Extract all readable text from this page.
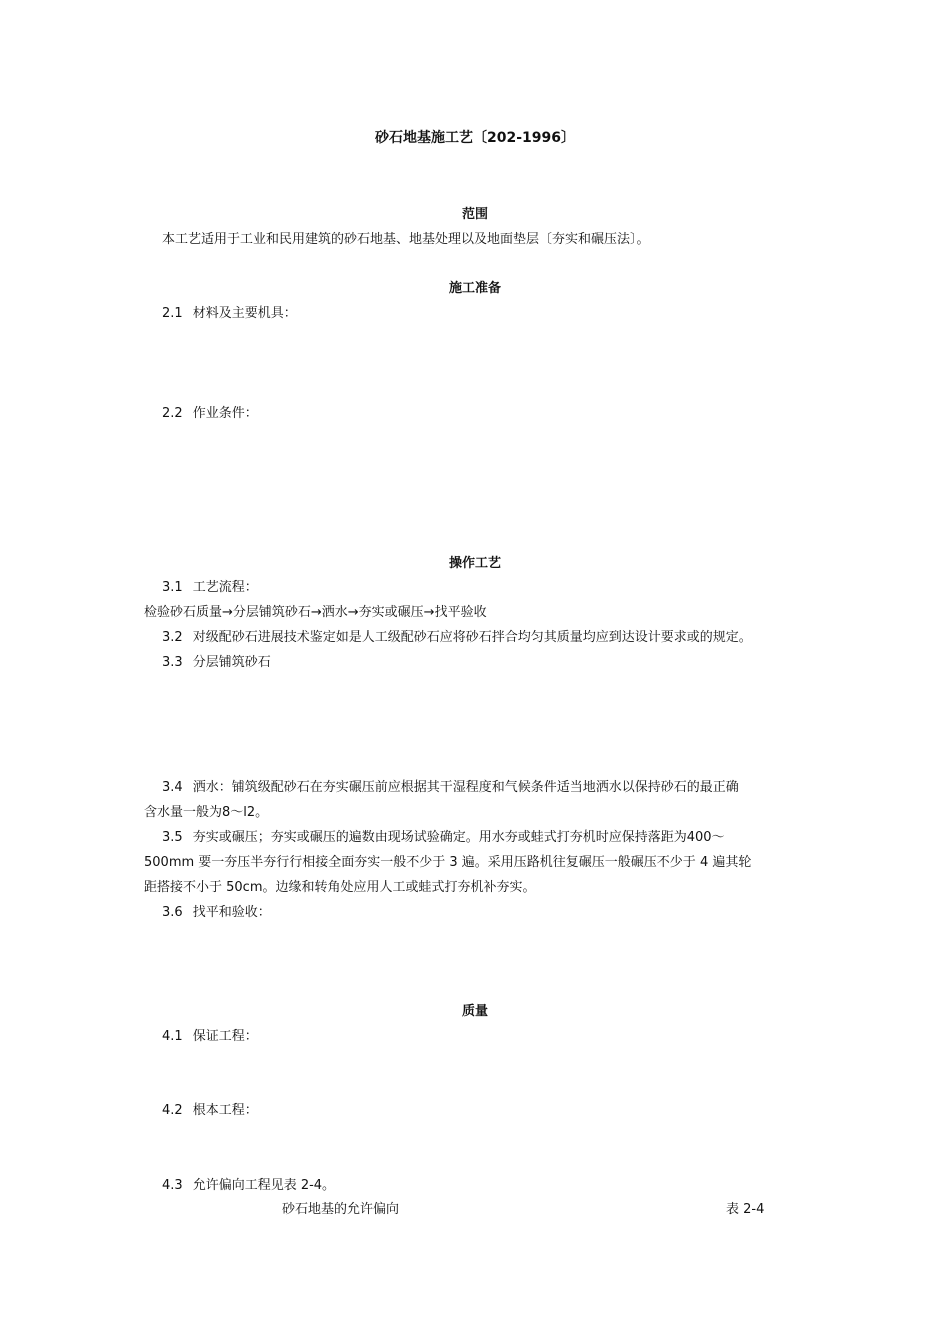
砂石地基施工艺〔202-1996〕
范围
本工艺适用于工业和民用建筑的砂石地基、地基处理以及地面垫层〔夯实和碾压法〕。
施工准备
2.1 材料及主要机具：
2.2 作业条件：
操作工艺
3.1 工艺流程：
检验砂石质量→分层铺筑砂石→洒水→夯实或碾压→找平验收
3.2 对级配砂石进展技术鉴定如是人工级配砂石应将砂石拌合均匀其质量均应到达设计要求或的规定。
3.3 分层铺筑砂石
3.4 洒水：铺筑级配砂石在夯实碾压前应根据其干湿程度和气候条件适当地洒水以保持砂石的最正确
含水量一般为8～l2。
3.5 夯实或碾压；夯实或碾压的遍数由现场试验确定。用水夯或蛙式打夯机时应保持落距为400～
500mm 要一夯压半夯行行相接全面夯实一般不少于 3 遍。采用压路机往复碾压一般碾压不少于 4 遍其轮
距搭接不小于 50cm。边缘和转角处应用人工或蛙式打夯机补夯实。
3.6 找平和验收：
质量
4.1 保证工程：
4.2 根本工程：
4.3 允许偏向工程见表 2-4。
砂石地基的允许偏向	表 2-4
